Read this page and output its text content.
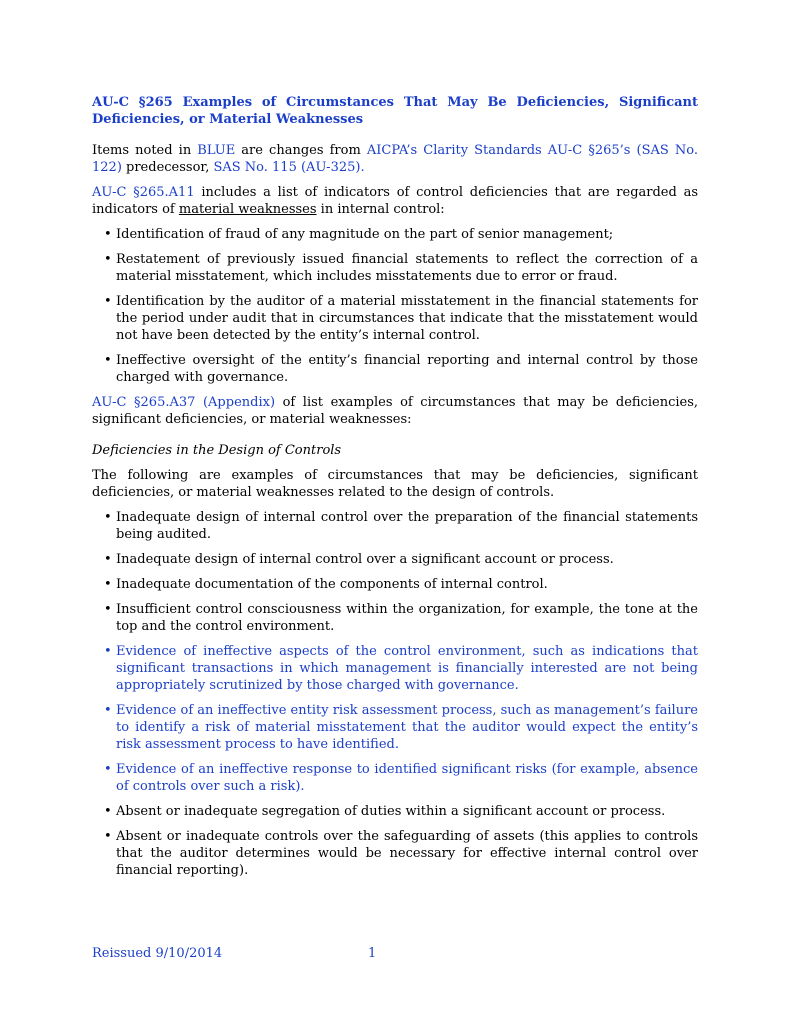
AU-C §265 Examples of Circumstances That May Be Deficiencies, Significant Deficiencies, or Material Weaknesses

Items noted in BLUE are changes from AICPA’s Clarity Standards AU-C §265’s (SAS No. 122) predecessor, SAS No. 115 (AU-325).

AU-C §265.A11 includes a list of indicators of control deficiencies that are regarded as indicators of material weaknesses in internal control:

• Identification of fraud of any magnitude on the part of senior management;
• Restatement of previously issued financial statements to reflect the correction of a material misstatement, which includes misstatements due to error or fraud.
• Identification by the auditor of a material misstatement in the financial statements for the period under audit that in circumstances that indicate that the misstatement would not have been detected by the entity’s internal control.
• Ineffective oversight of the entity’s financial reporting and internal control by those charged with governance.

AU-C §265.A37 (Appendix) of list examples of circumstances that may be deficiencies, significant deficiencies, or material weaknesses:

Deficiencies in the Design of Controls

The following are examples of circumstances that may be deficiencies, significant deficiencies, or material weaknesses related to the design of controls.

• Inadequate design of internal control over the preparation of the financial statements being audited.
• Inadequate design of internal control over a significant account or process.
• Inadequate documentation of the components of internal control.
• Insufficient control consciousness within the organization, for example, the tone at the top and the control environment.
• Evidence of ineffective aspects of the control environment, such as indications that significant transactions in which management is financially interested are not being appropriately scrutinized by those charged with governance.
• Evidence of an ineffective entity risk assessment process, such as management’s failure to identify a risk of material misstatement that the auditor would expect the entity’s risk assessment process to have identified.
• Evidence of an ineffective response to identified significant risks (for example, absence of controls over such a risk).
• Absent or inadequate segregation of duties within a significant account or process.
• Absent or inadequate controls over the safeguarding of assets (this applies to controls that the auditor determines would be necessary for effective internal control over financial reporting).
Reissued 9/10/2014	1
